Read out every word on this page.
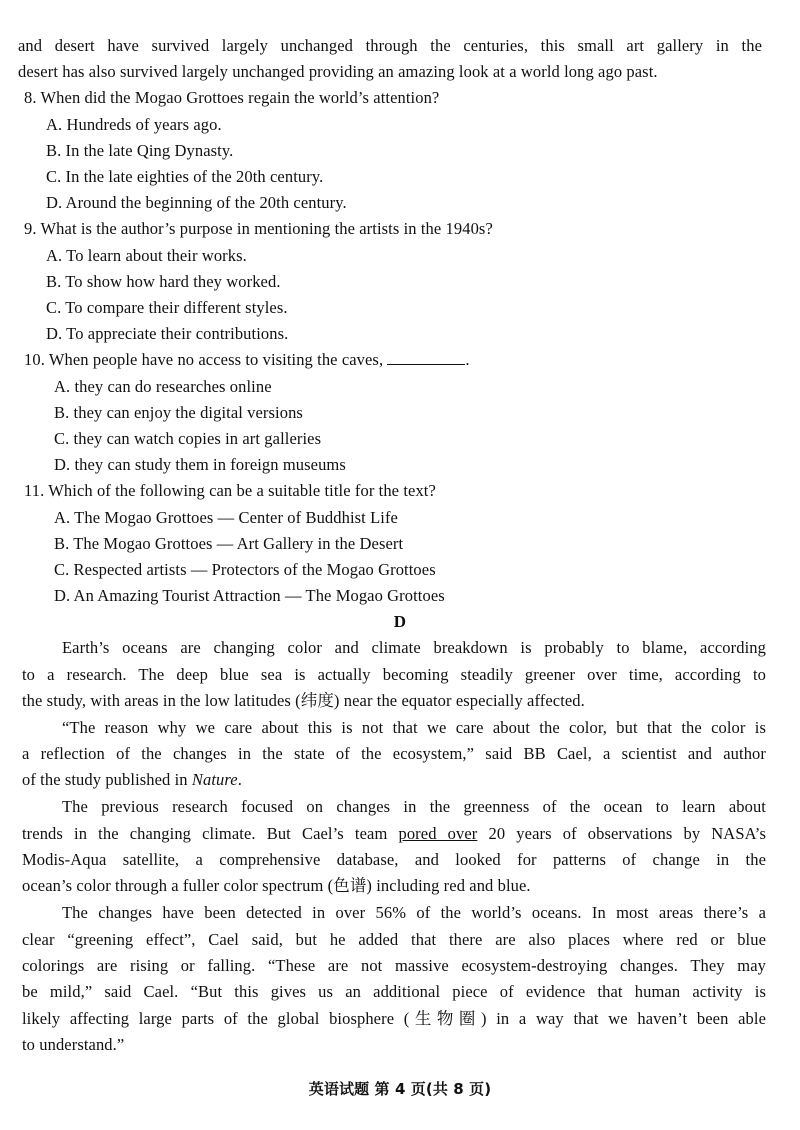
and desert have survived largely unchanged through the centuries, this small art gallery in the
desert has also survived largely unchanged providing an amazing look at a world long ago past.
8. When did the Mogao Grottoes regain the world’s attention?
A. Hundreds of years ago.
B. In the late Qing Dynasty.
C. In the late eighties of the 20th century.
D. Around the beginning of the 20th century.
9. What is the author’s purpose in mentioning the artists in the 1940s?
A. To learn about their works.
B. To show how hard they worked.
C. To compare their different styles.
D. To appreciate their contributions.
10. When people have no access to visiting the caves,	.
A. they can do researches online
B. they can enjoy the digital versions
C. they can watch copies in art galleries
D. they can study them in foreign museums
11. Which of the following can be a suitable title for the text?
A. The Mogao Grottoes — Center of Buddhist Life
B. The Mogao Grottoes — Art Gallery in the Desert
C. Respected artists — Protectors of the Mogao Grottoes
D. An Amazing Tourist Attraction — The Mogao Grottoes
D
Earth’s oceans are changing color and climate breakdown is probably to blame, according
to a research. The deep blue sea is actually becoming steadily greener over time, according to
the study, with areas in the low latitudes (纬度) near the equator especially affected.
“The reason why we care about this is not that we care about the color, but that the color is
a reflection of the changes in the state of the ecosystem,” said BB Cael, a scientist and author
of the study published in Nature.
The previous research focused on changes in the greenness of the ocean to learn about
trends in the changing climate. But Cael’s team pored over 20 years of observations by NASA’s
Modis-Aqua satellite, a comprehensive database, and looked for patterns of change in the
ocean’s color through a fuller color spectrum (色谱) including red and blue.
The changes have been detected in over 56% of the world’s oceans. In most areas there’s a
clear “greening effect”, Cael said, but he added that there are also places where red or blue
colorings are rising or falling. “These are not massive ecosystem-destroying changes. They may
be mild,” said Cael. “But this gives us an additional piece of evidence that human activity is
likely affecting large parts of the global biosphere (生物圈) in a way that we haven’t been able
to understand.”
英语试题 第 4 页(共 8 页)
